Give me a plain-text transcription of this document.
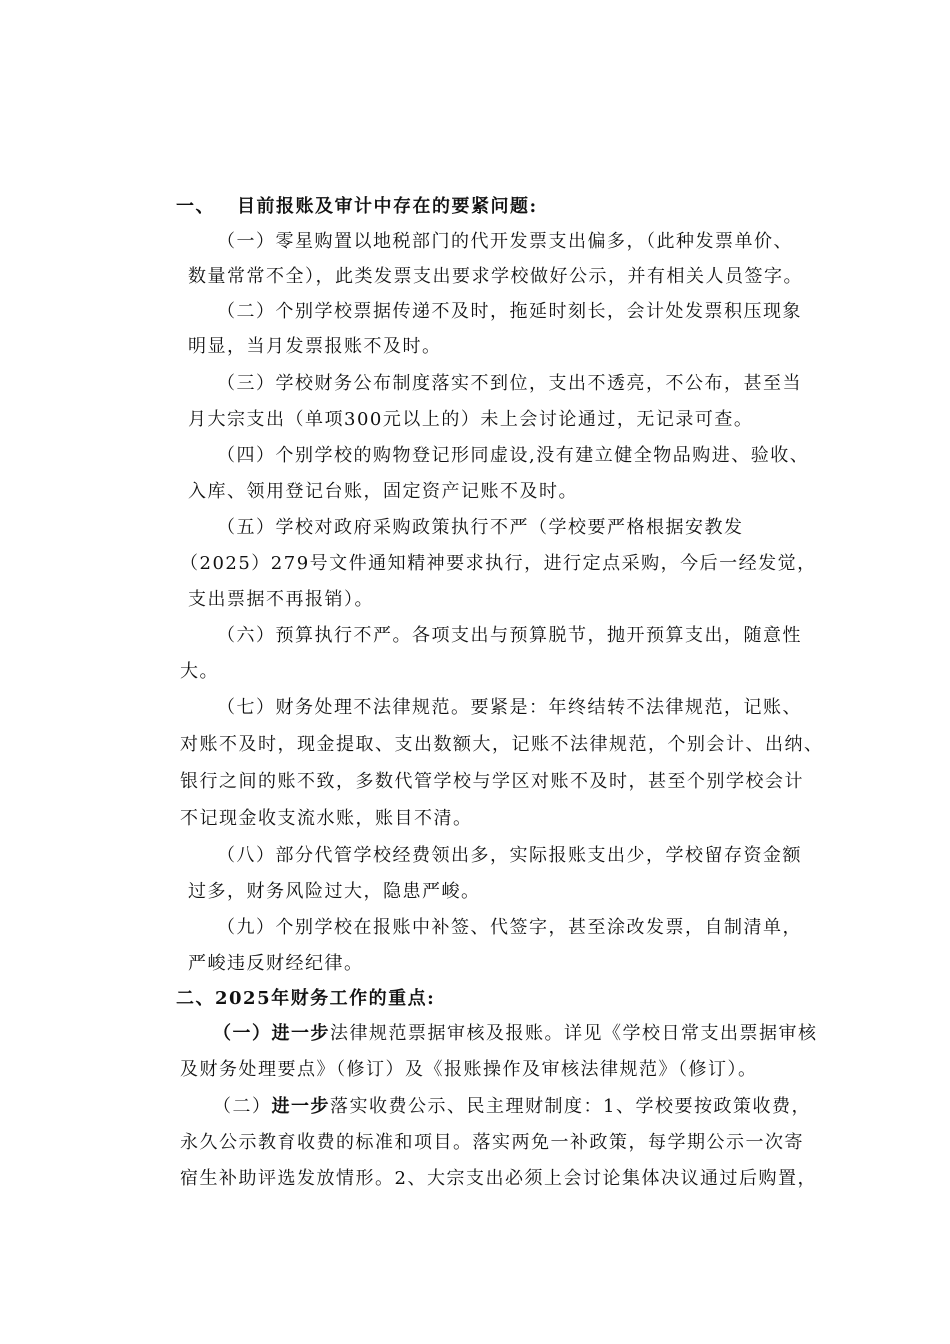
一、 目前报账及审计中存在的要紧问题:
（一）零星购置以地税部门的代开发票支出偏多，（此种发票单价、
数量常常不全），此类发票支出要求学校做好公示，并有相关人员签字。
（二）个别学校票据传递不及时，拖延时刻长，会计处发票积压现象
明显，当月发票报账不及时。
（三）学校财务公布制度落实不到位，支出不透亮，不公布，甚至当
月大宗支出（单项300元以上的）未上会讨论通过，无记录可查。
（四）个别学校的购物登记形同虚设,没有建立健全物品购进、验收、
入库、领用登记台账，固定资产记账不及时。
（五）学校对政府采购政策执行不严（学校要严格根据安教发
（2025）279号文件通知精神要求执行，进行定点采购，今后一经发觉，
支出票据不再报销）。
（六）预算执行不严。各项支出与预算脱节，抛开预算支出，随意性
大。
（七）财务处理不法律规范。要紧是：年终结转不法律规范，记账、
对账不及时，现金提取、支出数额大，记账不法律规范，个别会计、出纳、
银行之间的账不致，多数代管学校与学区对账不及时，甚至个别学校会计
不记现金收支流水账，账目不清。
（八）部分代管学校经费领出多，实际报账支出少，学校留存资金额
过多，财务风险过大，隐患严峻。
（九）个别学校在报账中补签、代签字，甚至涂改发票，自制清单，
严峻违反财经纪律。
二、2025年财务工作的重点:
（一）进一步法律规范票据审核及报账。详见《学校日常支出票据审核
及财务处理要点》（修订）及《报账操作及审核法律规范》（修订）。
（二）进一步落实收费公示、民主理财制度：1、学校要按政策收费，
永久公示教育收费的标准和项目。落实两免一补政策，每学期公示一次寄
宿生补助评选发放情形。2、大宗支出必须上会讨论集体决议通过后购置，
